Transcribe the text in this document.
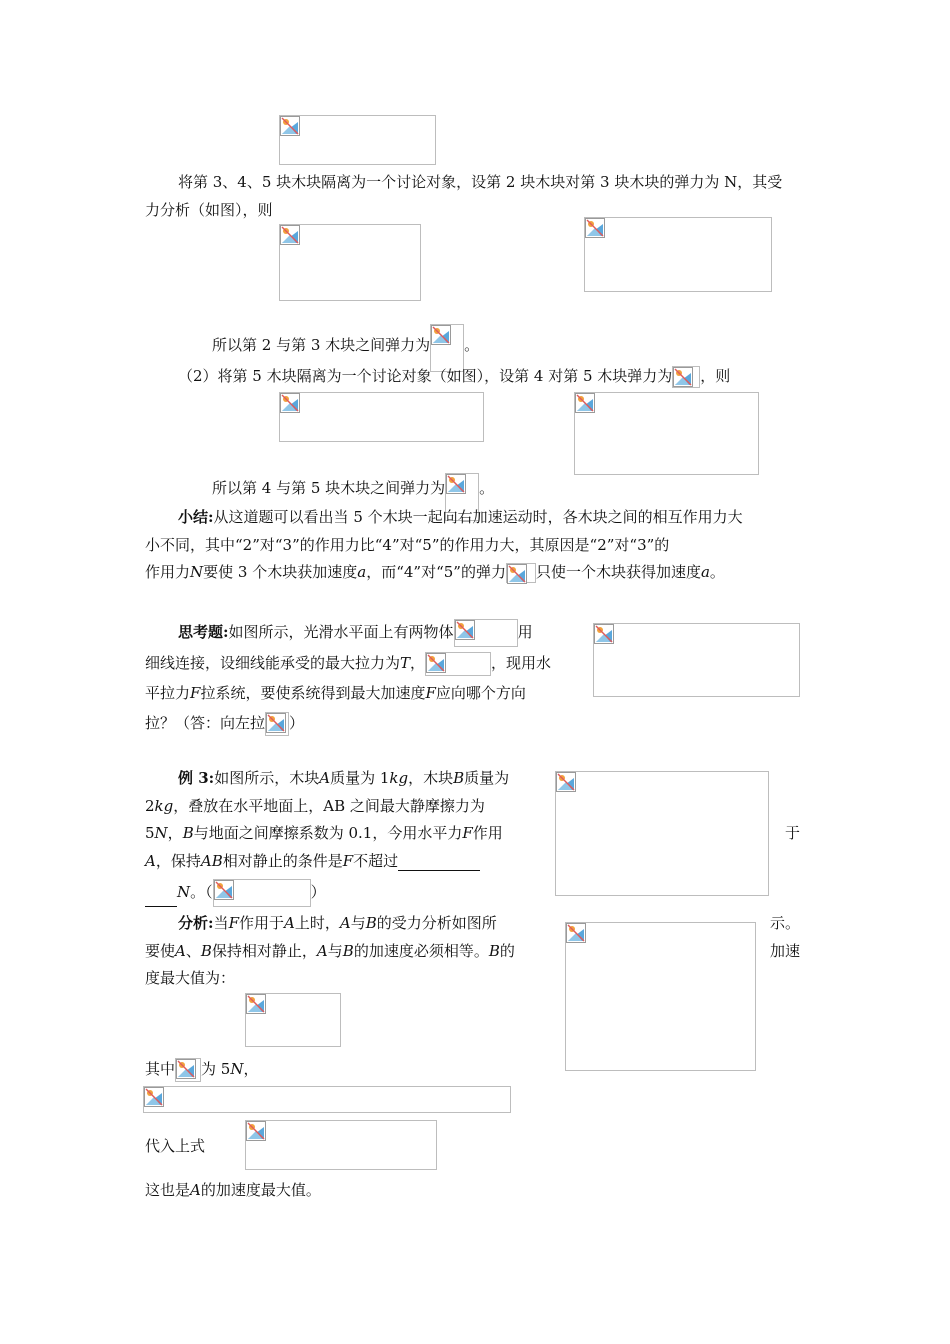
将第 3、4、5 块木块隔离为一个讨论对象，设第 2 块木块对第 3 块木块的弹力为 N，其受
力分析（如图），则
所以第 2 与第 3 木块之间弹力为 。
（2）将第 5 木块隔离为一个讨论对象（如图），设第 4 对第 5 木块弹力为 ，则
所以第 4 与第 5 块木块之间弹力为 。
小结:从这道题可以看出当 5 个木块一起向右加速运动时，各木块之间的相互作用力大
小不同，其中“2”对“3”的作用力比“4”对“5”的作用力大，其原因是“2”对“3”的
作用力N要使 3 个木块获加速度a，而“4”对“5”的弹力 只使一个木块获得加速度a。
思考题:如图所示，光滑水平面上有两物体	用
细线连接，设细线能承受的最大拉力为T，	，现用水
平拉力F拉系统，要使系统得到最大加速度F应向哪个方向
拉？（答：向左拉 ）
例 3:如图所示，木块A质量为 1kg，木块B质量为
2kg，叠放在水平地面上，AB 之间最大静摩擦力为
5N，B与地面之间摩擦系数为 0.1，今用水平力F作用	于
A，保持AB相对静止的条件是F不超过
N。（	）
分析:当F作用于A上时，A与B的受力分析如图所	示。
要使A、B保持相对静止，A与B的加速度必须相等。B的	加速
度最大值为：
其中 为 5N，
代入上式
这也是A的加速度最大值。
